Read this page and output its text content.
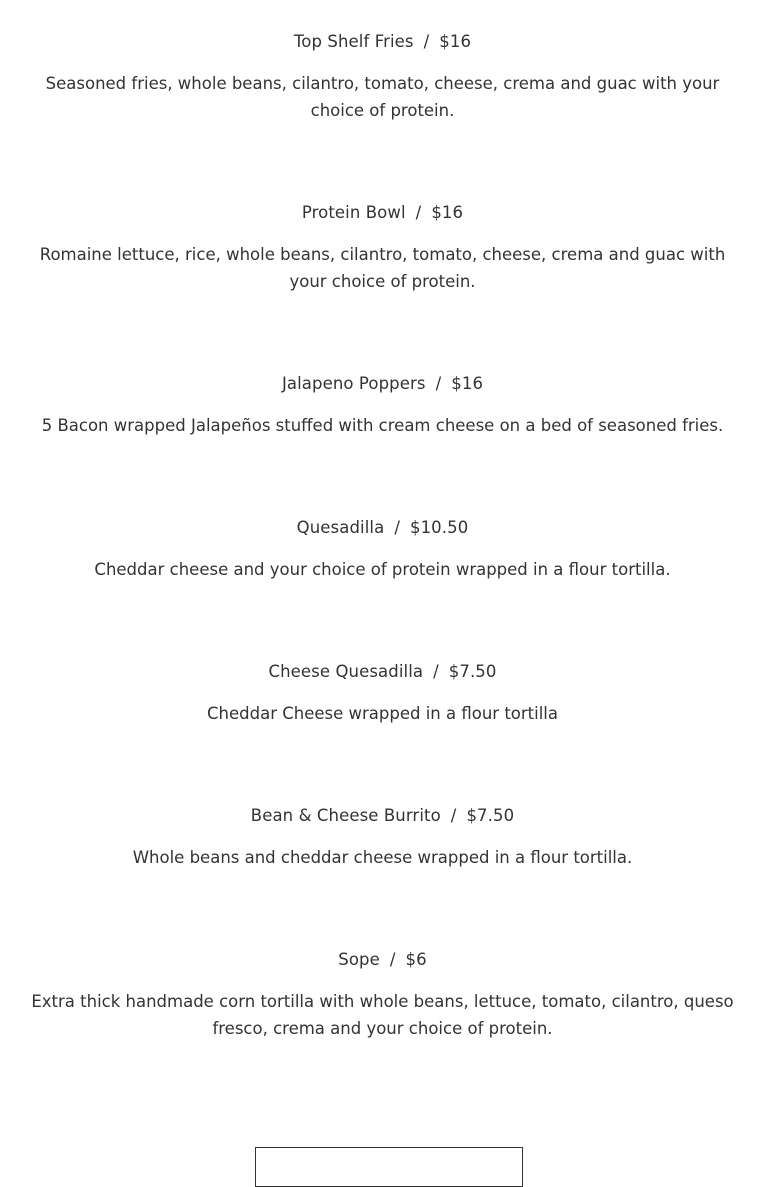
Top Shelf Fries / $16

Seasoned fries, whole beans, cilantro, tomato, cheese, crema and guac with your choice of protein.

Protein Bowl / $16

Romaine lettuce, rice, whole beans, cilantro, tomato, cheese, crema and guac with your choice of protein.

Jalapeno Poppers / $16

5 Bacon wrapped Jalapeños stuffed with cream cheese on a bed of seasoned fries.

Quesadilla / $10.50

Cheddar cheese and your choice of protein wrapped in a flour tortilla.

Cheese Quesadilla / $7.50

Cheddar Cheese wrapped in a flour tortilla

Bean & Cheese Burrito / $7.50

Whole beans and cheddar cheese wrapped in a flour tortilla.

Sope / $6

Extra thick handmade corn tortilla with whole beans, lettuce, tomato, cilantro, queso fresco, crema and your choice of protein.
